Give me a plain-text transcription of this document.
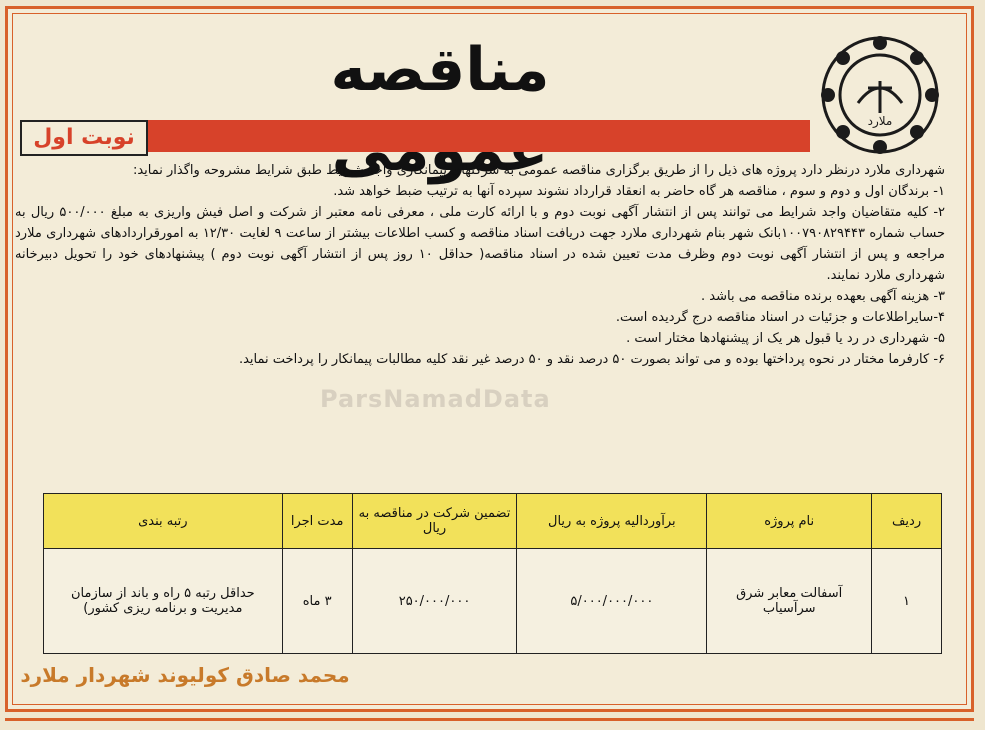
ملارد
مناقصه
نوبت اول
ParsNamadData

شهرداری ملارد درنظر دارد پروژه های ذیل را از طریق برگزاری مناقصه عمومی به شرکتهای پیمانکاری واجد شرایط طبق شرایط مشروحه واگذار نماید:

۱- برندگان اول و دوم و سوم ، مناقصه هر گاه حاضر به انعقاد قرارداد نشوند سپرده آنها به ترتیب ضبط خواهد شد.

۲- کلیه متقاضیان واجد شرایط می توانند پس از انتشار آگهی نوبت دوم و با ارائه کارت ملی ، معرفی نامه معتبر از شرکت و اصل فیش واریزی به مبلغ ۵۰۰/۰۰۰ ریال به حساب شماره ۱۰۰۷۹۰۸۲۹۴۴۳بانک شهر بنام شهرداری ملارد جهت دریافت اسناد مناقصه و کسب اطلاعات بیشتر از ساعت ۹ لغایت ۱۲/۳۰ به امورقراردادهای شهرداری ملارد مراجعه و پس از انتشار آگهی نوبت دوم وظرف مدت تعیین شده در اسناد مناقصه( حداقل ۱۰ روز پس از انتشار آگهی نوبت دوم ) پیشنهادهای خود را تحویل دبیرخانه شهرداری ملارد نمایند.

۳- هزینه آگهی بعهده برنده مناقصه می باشد .

۴-سایراطلاعات و جزئیات در اسناد مناقصه درج گردیده است.

۵- شهرداری در رد یا قبول هر یک از پیشنهادها مختار است .

۶- کارفرما مختار در نحوه پرداختها بوده و می تواند بصورت ۵۰ درصد نقد و ۵۰ درصد غیر نقد کلیه مطالبات پیمانکار را پرداخت نماید.

ردیف	نام پروژه	برآوردالیه پروژه به ریال	تضمین شرکت در مناقصه به ریال	مدت اجرا	رتبه بندی
۱	آسفالت معابر شرق سرآسیاب	۵/۰۰۰/۰۰۰/۰۰۰	۲۵۰/۰۰۰/۰۰۰	۳ ماه	حداقل رتبه ۵ راه و باند از سازمان مدیریت و برنامه ریزی کشور)
محمد صادق کولیوند شهردار ملارد
